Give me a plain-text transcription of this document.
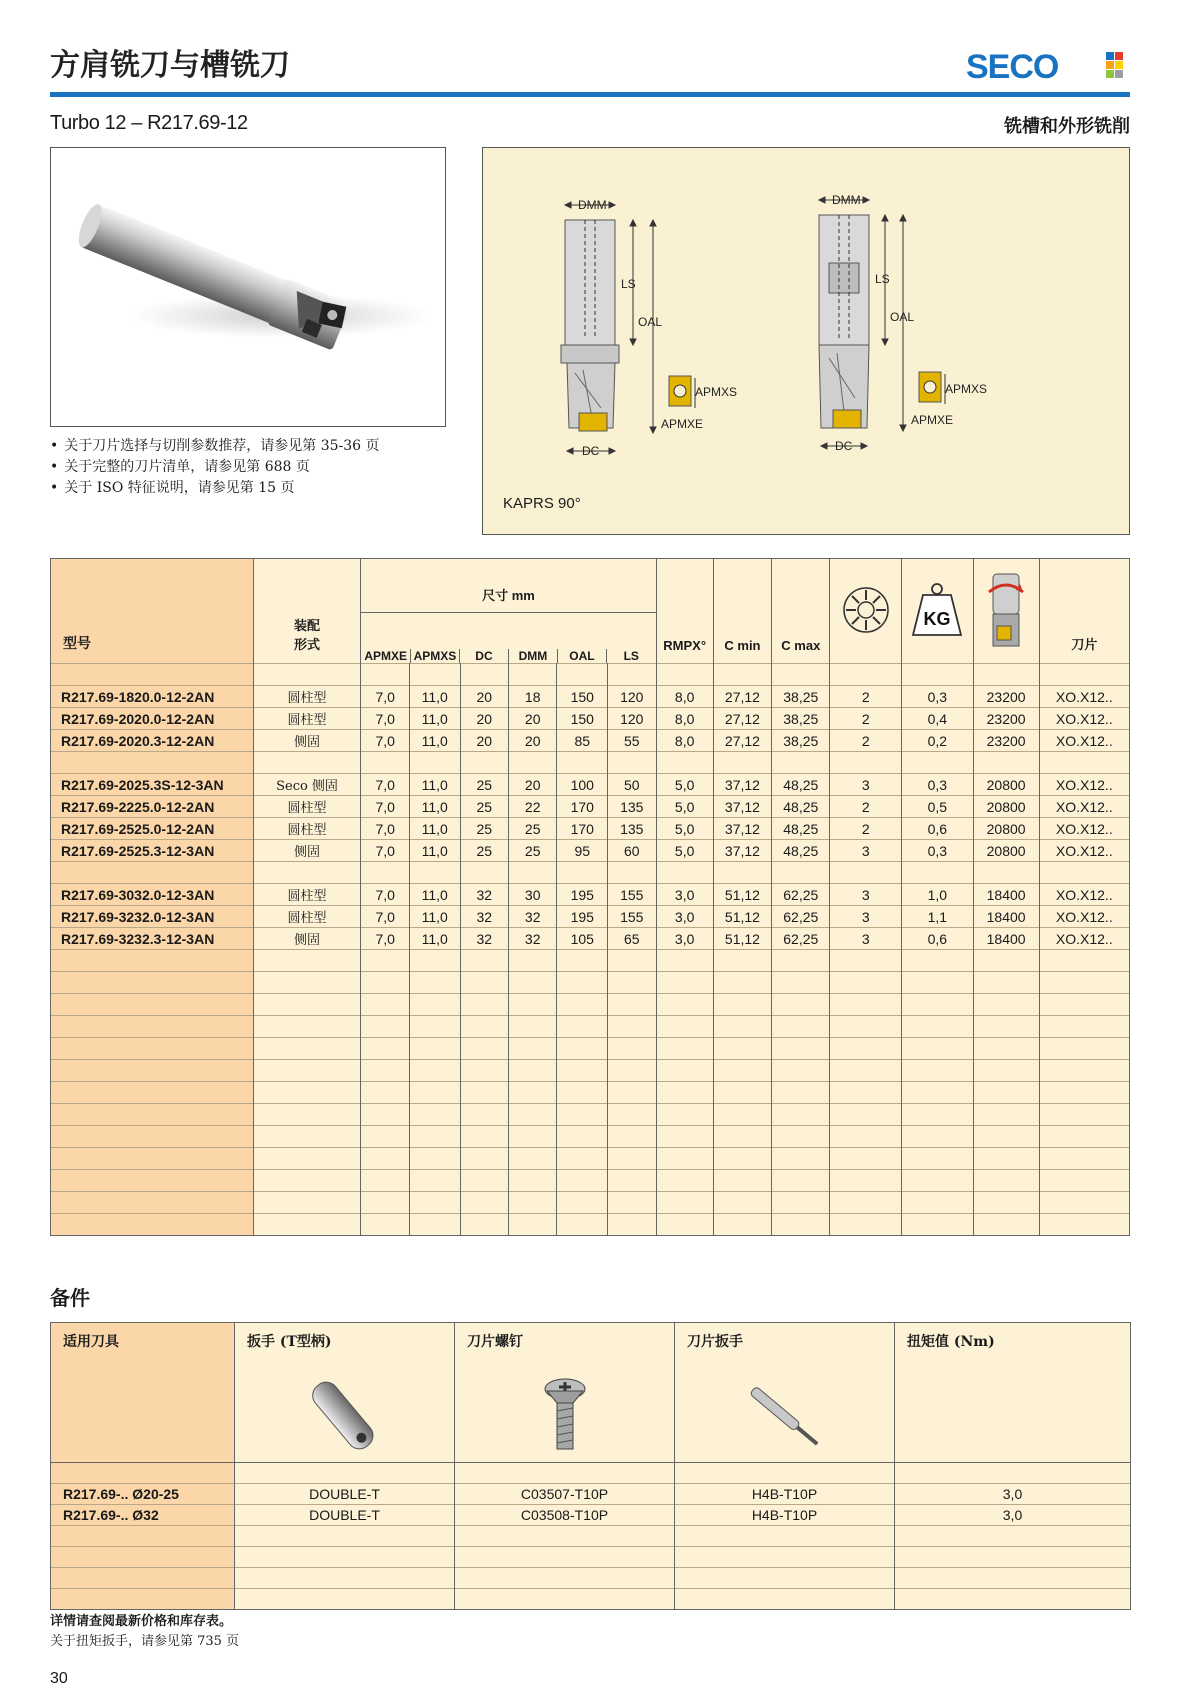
方肩铣刀与槽铣刀	SECO
Turbo 12 – R217.69-12	铣槽和外形铣削
• 关于刀片选择与切削参数推荐，请参见第 35-36 页
• 关于完整的刀片清单，请参见第 688 页
• 关于 ISO 特征说明，请参见第 15 页
DMM
DC
LS
OAL
APMXS
APMXE
DMM
DC
LS
OAL
APMXS
APMXE
KAPRS 90°
型号	装配
形式	
尺寸 mm
APMXE	APMXS	DC	DMM	OAL	LS
	RMPX°	C min	C max		
KG
		刀片

R217.69-1820.0-12-2AN	圆柱型	7,0	11,0	20	18	150	120	8,0	27,12	38,25	2	0,3	23200	XO.X12..
R217.69-2020.0-12-2AN	圆柱型	7,0	11,0	20	20	150	120	8,0	27,12	38,25	2	0,4	23200	XO.X12..
R217.69-2020.3-12-2AN	侧固	7,0	11,0	20	20	85	55	8,0	27,12	38,25	2	0,2	23200	XO.X12..

R217.69-2025.3S-12-3AN	Seco 侧固	7,0	11,0	25	20	100	50	5,0	37,12	48,25	3	0,3	20800	XO.X12..
R217.69-2225.0-12-2AN	圆柱型	7,0	11,0	25	22	170	135	5,0	37,12	48,25	2	0,5	20800	XO.X12..
R217.69-2525.0-12-2AN	圆柱型	7,0	11,0	25	25	170	135	5,0	37,12	48,25	2	0,6	20800	XO.X12..
R217.69-2525.3-12-3AN	侧固	7,0	11,0	25	25	95	60	5,0	37,12	48,25	3	0,3	20800	XO.X12..

R217.69-3032.0-12-3AN	圆柱型	7,0	11,0	32	30	195	155	3,0	51,12	62,25	3	1,0	18400	XO.X12..
R217.69-3232.0-12-3AN	圆柱型	7,0	11,0	32	32	195	155	3,0	51,12	62,25	3	1,1	18400	XO.X12..
R217.69-3232.3-12-3AN	侧固	7,0	11,0	32	32	105	65	3,0	51,12	62,25	3	0,6	18400	XO.X12..

备件
适用刀具	扳手 (T型柄)	刀片螺钉	刀片扳手	扭矩值 (Nm)

R217.69-.. Ø20-25	DOUBLE-T	C03507-T10P	H4B-T10P	3,0
R217.69-.. Ø32	DOUBLE-T	C03508-T10P	H4B-T10P	3,0

详情请查阅最新价格和库存表。
关于扭矩扳手，请参见第 735 页
30
